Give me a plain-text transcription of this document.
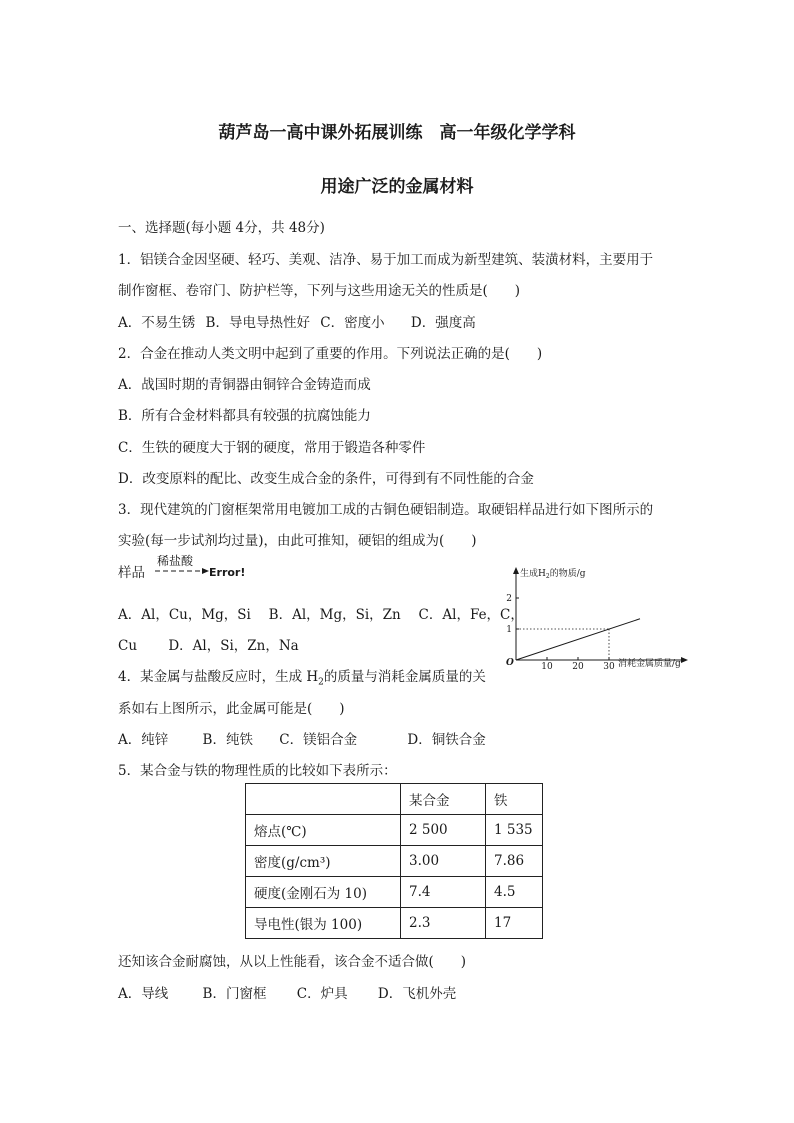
葫芦岛一高中课外拓展训练　高一年级化学学科
用途广泛的金属材料
一、选择题(每小题 4分，共 48分)
1．铝镁合金因坚硬、轻巧、美观、洁净、易于加工而成为新型建筑、装潢材料，主要用于
制作窗框、卷帘门、防护栏等，下列与这些用途无关的性质是(　　)
A．不易生锈 B．导电导热性好 C．密度小 D．强度高
2．合金在推动人类文明中起到了重要的作用。下列说法正确的是(　　)
A．战国时期的青铜器由铜锌合金铸造而成
B．所有合金材料都具有较强的抗腐蚀能力
C．生铁的硬度大于钢的硬度，常用于锻造各种零件
D．改变原料的配比、改变生成合金的条件，可得到有不同性能的合金
3．现代建筑的门窗框架常用电镀加工成的古铜色硬铝制造。取硬铝样品进行如下图所示的
实验(每一步试剂均过量)，由此可推知，硬铝的组成为(　　)
样品
稀盐酸
Error!
A．Al，Cu，Mg，Si　 B．Al，Mg，Si，Zn　 C．Al，Fe，C，
Cu　　 D．Al，Si，Zn，Na
4．某金属与盐酸反应时，生成 $H_2$的质量与消耗金属质量的关
系如右上图所示，此金属可能是(　　)
A．纯锌	B．纯铁 C．镁铝合金	D．铜铁合金
5．某合金与铁的物理性质的比较如下表所示：
	某合金	铁
熔点(℃)	2 500	1 535
密度(g/cm³)	3.00	7.86
硬度(金刚石为 10)	7.4	4.5
导电性(银为 100)	2.3	17
还知该合金耐腐蚀，从以上性能看，该合金不适合做(　　)
A．导线	B．门窗框 C．炉具 D．飞机外壳
生成$H_2$的物质/g
消耗金属质量/g
O	10 20 30
1
2
